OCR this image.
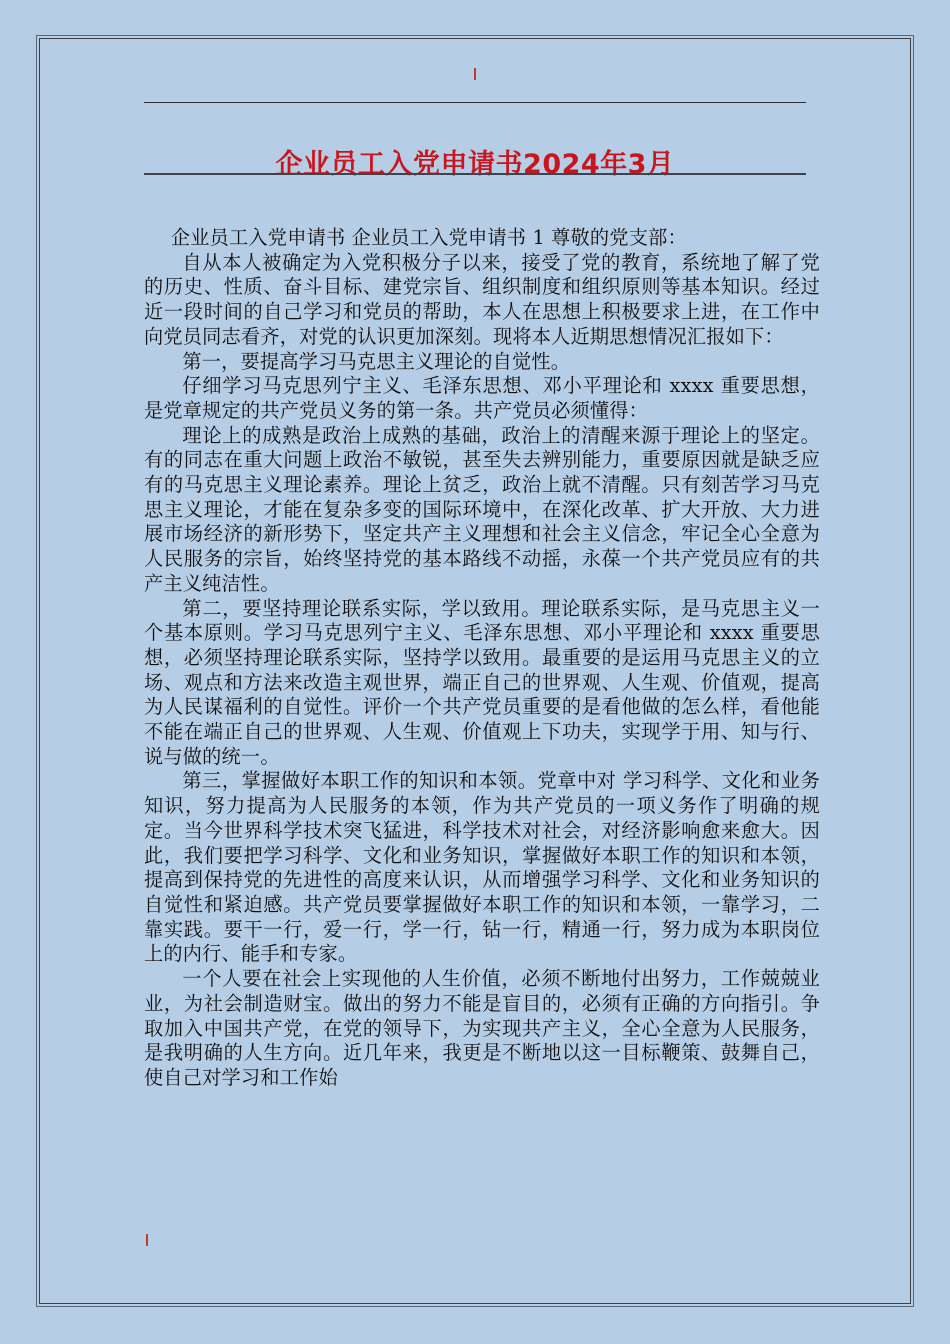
企业员工入党申请书2024年3月

企业员工入党申请书 企业员工入党申请书 1 尊敬的党支部：

自从本人被确定为入党积极分子以来，接受了党的教育，系统地了解了党的历史、性质、奋斗目标、建党宗旨、组织制度和组织原则等基本知识。经过近一段时间的自己学习和党员的帮助，本人在思想上积极要求上进，在工作中向党员同志看齐，对党的认识更加深刻。现将本人近期思想情况汇报如下：

第一，要提高学习马克思主义理论的自觉性。

仔细学习马克思列宁主义、毛泽东思想、邓小平理论和 xxxx 重要思想，是党章规定的共产党员义务的第一条。共产党员必须懂得：

理论上的成熟是政治上成熟的基础，政治上的清醒来源于理论上的坚定。有的同志在重大问题上政治不敏锐，甚至失去辨别能力，重要原因就是缺乏应有的马克思主义理论素养。理论上贫乏，政治上就不清醒。只有刻苦学习马克思主义理论，才能在复杂多变的国际环境中，在深化改革、扩大开放、大力进展市场经济的新形势下，坚定共产主义理想和社会主义信念，牢记全心全意为人民服务的宗旨，始终坚持党的基本路线不动摇，永葆一个共产党员应有的共产主义纯洁性。

第二，要坚持理论联系实际，学以致用。理论联系实际，是马克思主义一个基本原则。学习马克思列宁主义、毛泽东思想、邓小平理论和 xxxx 重要思想，必须坚持理论联系实际，坚持学以致用。最重要的是运用马克思主义的立场、观点和方法来改造主观世界，端正自己的世界观、人生观、价值观，提高为人民谋福利的自觉性。评价一个共产党员重要的是看他做的怎么样，看他能不能在端正自己的世界观、人生观、价值观上下功夫，实现学于用、知与行、说与做的统一。

第三，掌握做好本职工作的知识和本领。党章中对 学习科学、文化和业务知识，努力提高为人民服务的本领，作为共产党员的一项义务作了明确的规定。当今世界科学技术突飞猛进，科学技术对社会，对经济影响愈来愈大。因此，我们要把学习科学、文化和业务知识，掌握做好本职工作的知识和本领，提高到保持党的先进性的高度来认识，从而增强学习科学、文化和业务知识的自觉性和紧迫感。共产党员要掌握做好本职工作的知识和本领，一靠学习，二靠实践。要干一行，爱一行，学一行，钻一行，精通一行，努力成为本职岗位上的内行、能手和专家。

一个人要在社会上实现他的人生价值，必须不断地付出努力，工作兢兢业业，为社会制造财宝。做出的努力不能是盲目的，必须有正确的方向指引。争取加入中国共产党，在党的领导下，为实现共产主义，全心全意为人民服务，是我明确的人生方向。近几年来，我更是不断地以这一目标鞭策、鼓舞自己，使自己对学习和工作始
